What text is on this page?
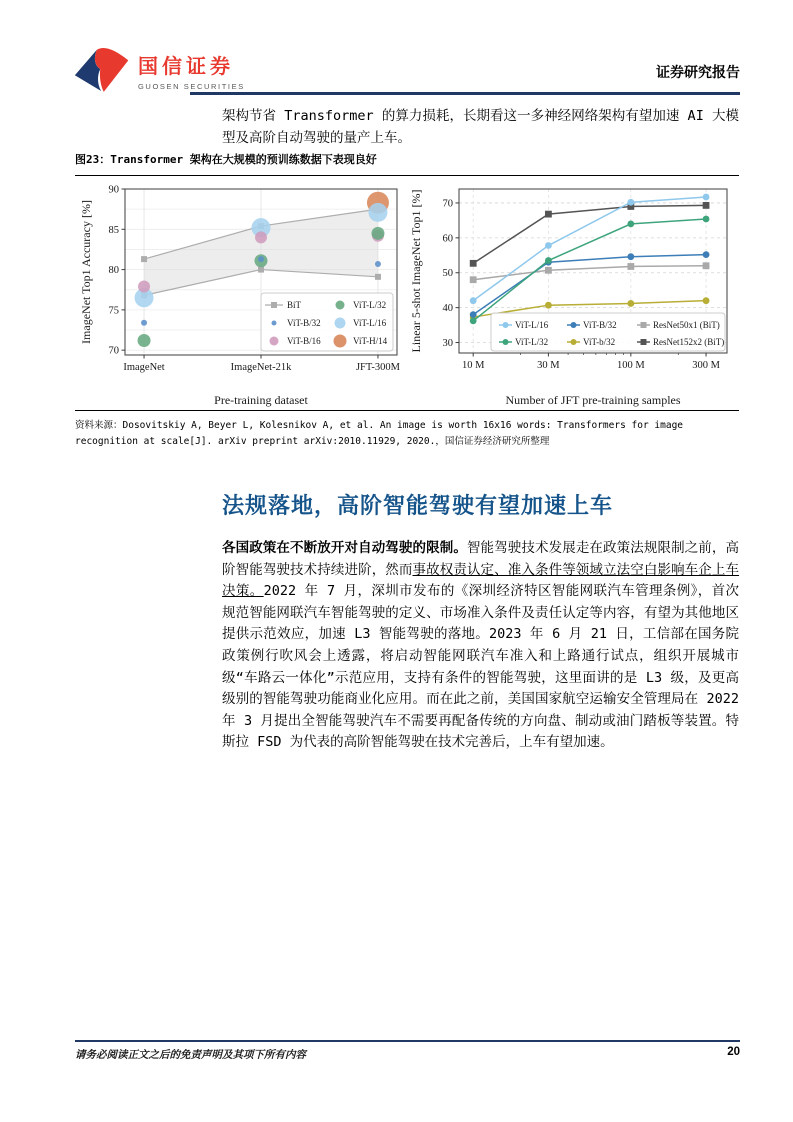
国信证券
GUOSEN SECURITIES
证券研究报告
架构节省 Transformer 的算力损耗，长期看这一多神经网络架构有望加速 AI 大模型及高阶自动驾驶的量产上车。
图23：Transformer 架构在大规模的预训练数据下表现良好
70
75
80
85
90
ImageNet	ImageNet-21k	JFT-300M
Pre-training dataset
ImageNet Top1 Accuracy [%]	BiT
ViT-B/32
ViT-B/16
ViT-L/32
ViT-L/16
ViT-H/14	30
40
50
60
70
10 M	30 M	100 M	300 M
Number of JFT pre-training samples
Linear 5-shot ImageNet Top1 [%]	ViT-L/16	ViT-B/32	ResNet50x1 (BiT)
ViT-L/32	ViT-b/32	ResNet152x2 (BiT)
资料来源：Dosovitskiy A, Beyer L, Kolesnikov A, et al. An image is worth 16x16 words: Transformers for image recognition at scale[J]. arXiv preprint arXiv:2010.11929, 2020.，国信证券经济研究所整理
法规落地，高阶智能驾驶有望加速上车
各国政策在不断放开对自动驾驶的限制。智能驾驶技术发展走在政策法规限制之前，高阶智能驾驶技术持续进阶，然而事故权责认定、准入条件等领域立法空白影响车企上车决策。2022 年 7 月，深圳市发布的《深圳经济特区智能网联汽车管理条例》，首次规范智能网联汽车智能驾驶的定义、市场准入条件及责任认定等内容，有望为其他地区提供示范效应，加速 L3 智能驾驶的落地。2023 年 6 月 21 日，工信部在国务院政策例行吹风会上透露，将启动智能网联汽车准入和上路通行试点，组织开展城市级“车路云一体化”示范应用，支持有条件的智能驾驶，这里面讲的是 L3 级，及更高级别的智能驾驶功能商业化应用。而在此之前，美国国家航空运输安全管理局在 2022 年 3 月提出全智能驾驶汽车不需要再配备传统的方向盘、制动或油门踏板等装置。特斯拉 FSD 为代表的高阶智能驾驶在技术完善后，上车有望加速。
请务必阅读正文之后的免责声明及其项下所有内容	20
